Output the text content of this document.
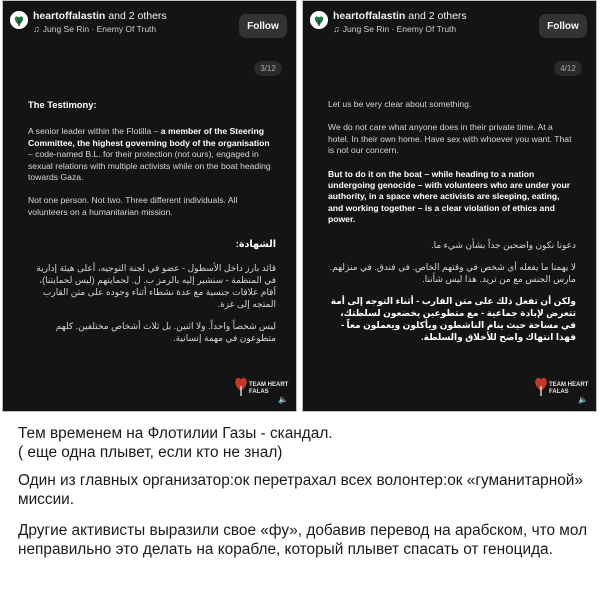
heartoffalastin and 2 others
♫ Jung Se Rin · Enemy Of Truth	Follow
3/12

The Testimony:

A senior leader within the Flotilla – a member of the Steering Committee, the highest governing body of the organisation – code-named B.L. for their protection (not ours), engaged in sexual relations with multiple activists while on the boat heading towards Gaza.

Not one person. Not two. Three different individuals. All volunteers on a humanitarian mission.

الشهادة:

قائد بارز داخل الأسطول - عضو في لجنة التوجيه، أعلى هيئة إدارية في المنظمة - سنشير إليه بالرمز ب. ل. لحمايتهم (ليس لحمايتنا)، أقام علاقات جنسية مع عدة نشطاء أثناء وجوده على متن القارب المتجه إلى غزة.

ليس شخصاً واحداً. ولا اثنين. بل ثلاث أشخاص مختلفين. كلهم متطوعون في مهمة إنسانية.

TEAM HEART FALAS
🔈
heartoffalastin and 2 others
♫ Jung Se Rin · Enemy Of Truth	Follow
4/12

Let us be very clear about something.

We do not care what anyone does in their private time. At a hotel. In their own home. Have sex with whoever you want. That is not our concern.

But to do it on the boat – while heading to a nation undergoing genocide – with volunteers who are under your authority, in a space where activists are sleeping, eating, and working together – is a clear violation of ethics and power.

دعونا نكون واضحين جداً بشأن شيء ما.

لا يهمنا ما يفعله أي شخص في وقتهم الخاص. في فندق. في منزلهم. مارس الجنس مع من تريد. هذا ليس شأننا.

ولكن أن تفعل ذلك على متن القارب - أثناء التوجه إلى أمة تتعرض لإبادة جماعية - مع متطوعين يخضعون لسلطتك، في مساحة حيث ينام الناشطون ويأكلون ويعملون معاً - فهذا انتهاك واضح للأخلاق والسلطة.

TEAM HEART FALAS
🔈

Тем временем на Флотилии Газы - скандал.

( еще одна плывет, если кто не знал)

Один из главных организатор:ок перетрахал всех волонтер:ок «гуманитарной» миссии.

Другие активисты выразили свое «фу», добавив перевод на арабском, что мол неправильно это делать на корабле, который плывет спасать от геноцида.
